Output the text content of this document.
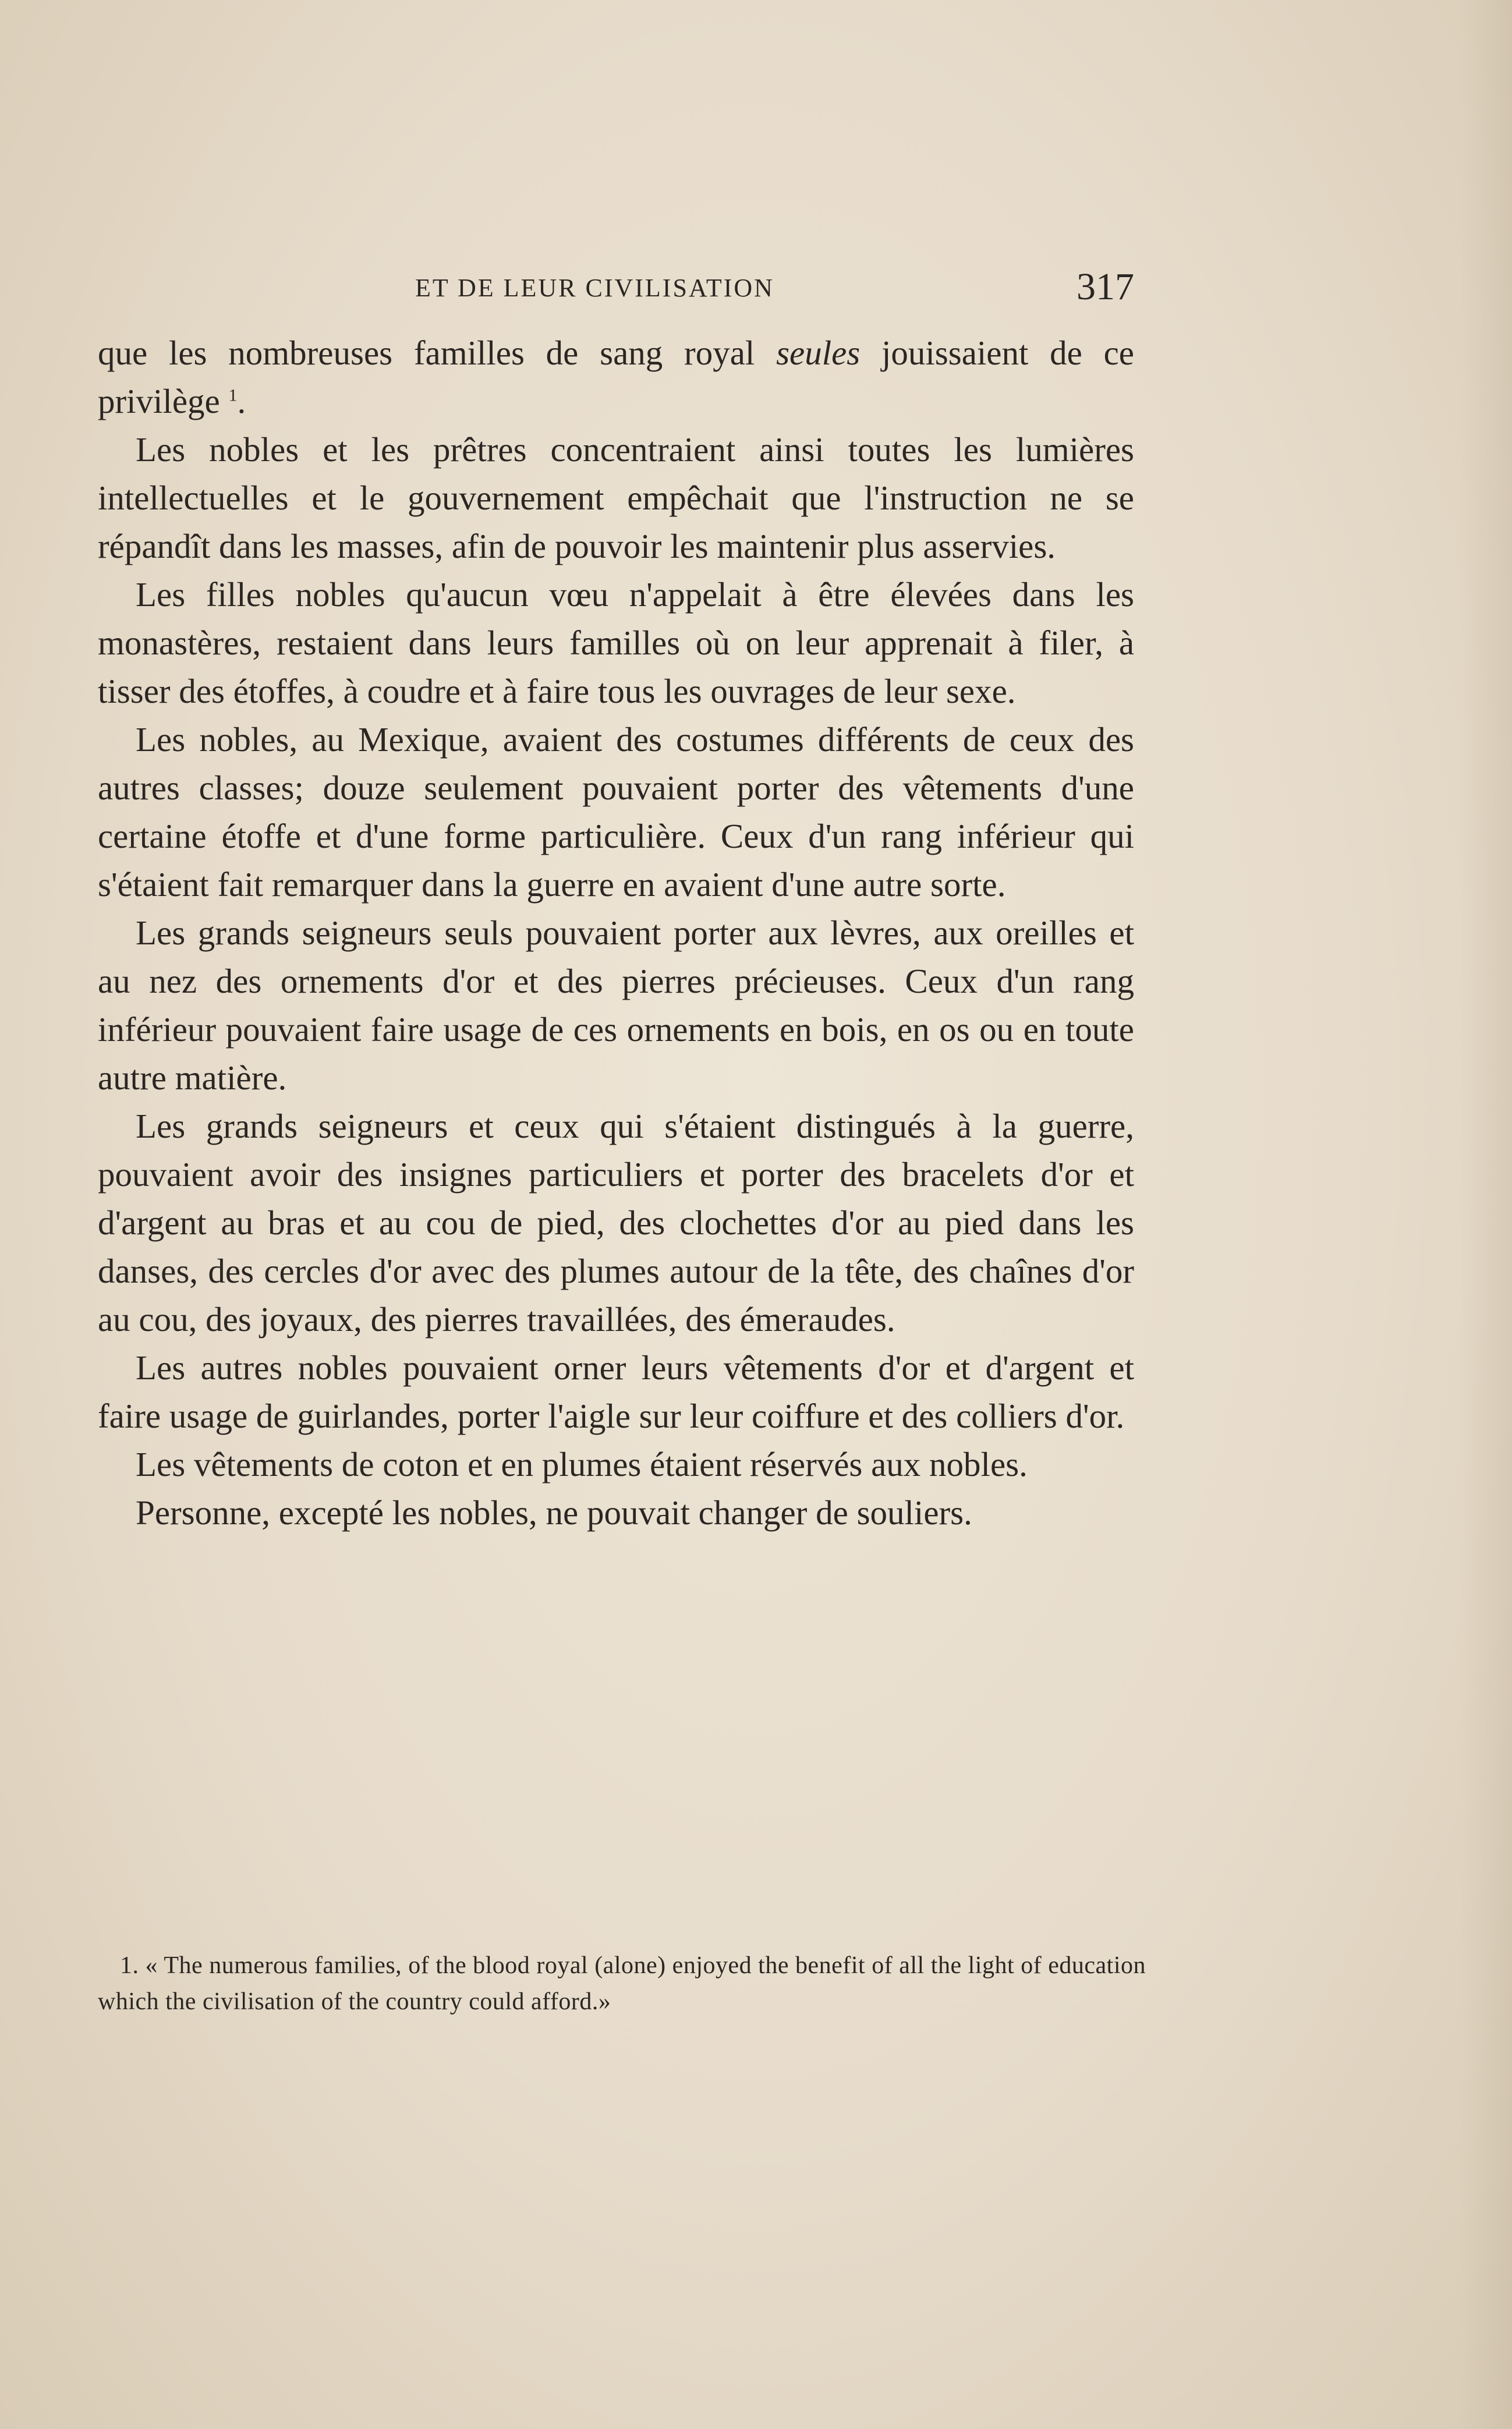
ET DE LEUR CIVILISATION	317

que les nombreuses familles de sang royal seules jouissaient de ce privilège $^1$.

Les nobles et les prêtres concentraient ainsi toutes les lumières intellectuelles et le gouvernement empêchait que l'instruction ne se répandît dans les masses, afin de pouvoir les maintenir plus asservies.

Les filles nobles qu'aucun vœu n'appelait à être élevées dans les monastères, restaient dans leurs familles où on leur apprenait à filer, à tisser des étoffes, à coudre et à faire tous les ouvrages de leur sexe.

Les nobles, au Mexique, avaient des costumes différents de ceux des autres classes; douze seulement pouvaient porter des vêtements d'une certaine étoffe et d'une forme particulière. Ceux d'un rang inférieur qui s'étaient fait remarquer dans la guerre en avaient d'une autre sorte.

Les grands seigneurs seuls pouvaient porter aux lèvres, aux oreilles et au nez des ornements d'or et des pierres précieuses. Ceux d'un rang inférieur pouvaient faire usage de ces ornements en bois, en os ou en toute autre matière.

Les grands seigneurs et ceux qui s'étaient distingués à la guerre, pouvaient avoir des insignes particuliers et porter des bracelets d'or et d'argent au bras et au cou de pied, des clochettes d'or au pied dans les danses, des cercles d'or avec des plumes autour de la tête, des chaînes d'or au cou, des joyaux, des pierres travaillées, des émeraudes.

Les autres nobles pouvaient orner leurs vêtements d'or et d'argent et faire usage de guirlandes, porter l'aigle sur leur coiffure et des colliers d'or.

Les vêtements de coton et en plumes étaient réservés aux nobles.

Personne, excepté les nobles, ne pouvait changer de souliers.

1. « The numerous families, of the blood royal (alone) enjoyed the benefit of all the light of education which the civilisation of the country could afford.»
